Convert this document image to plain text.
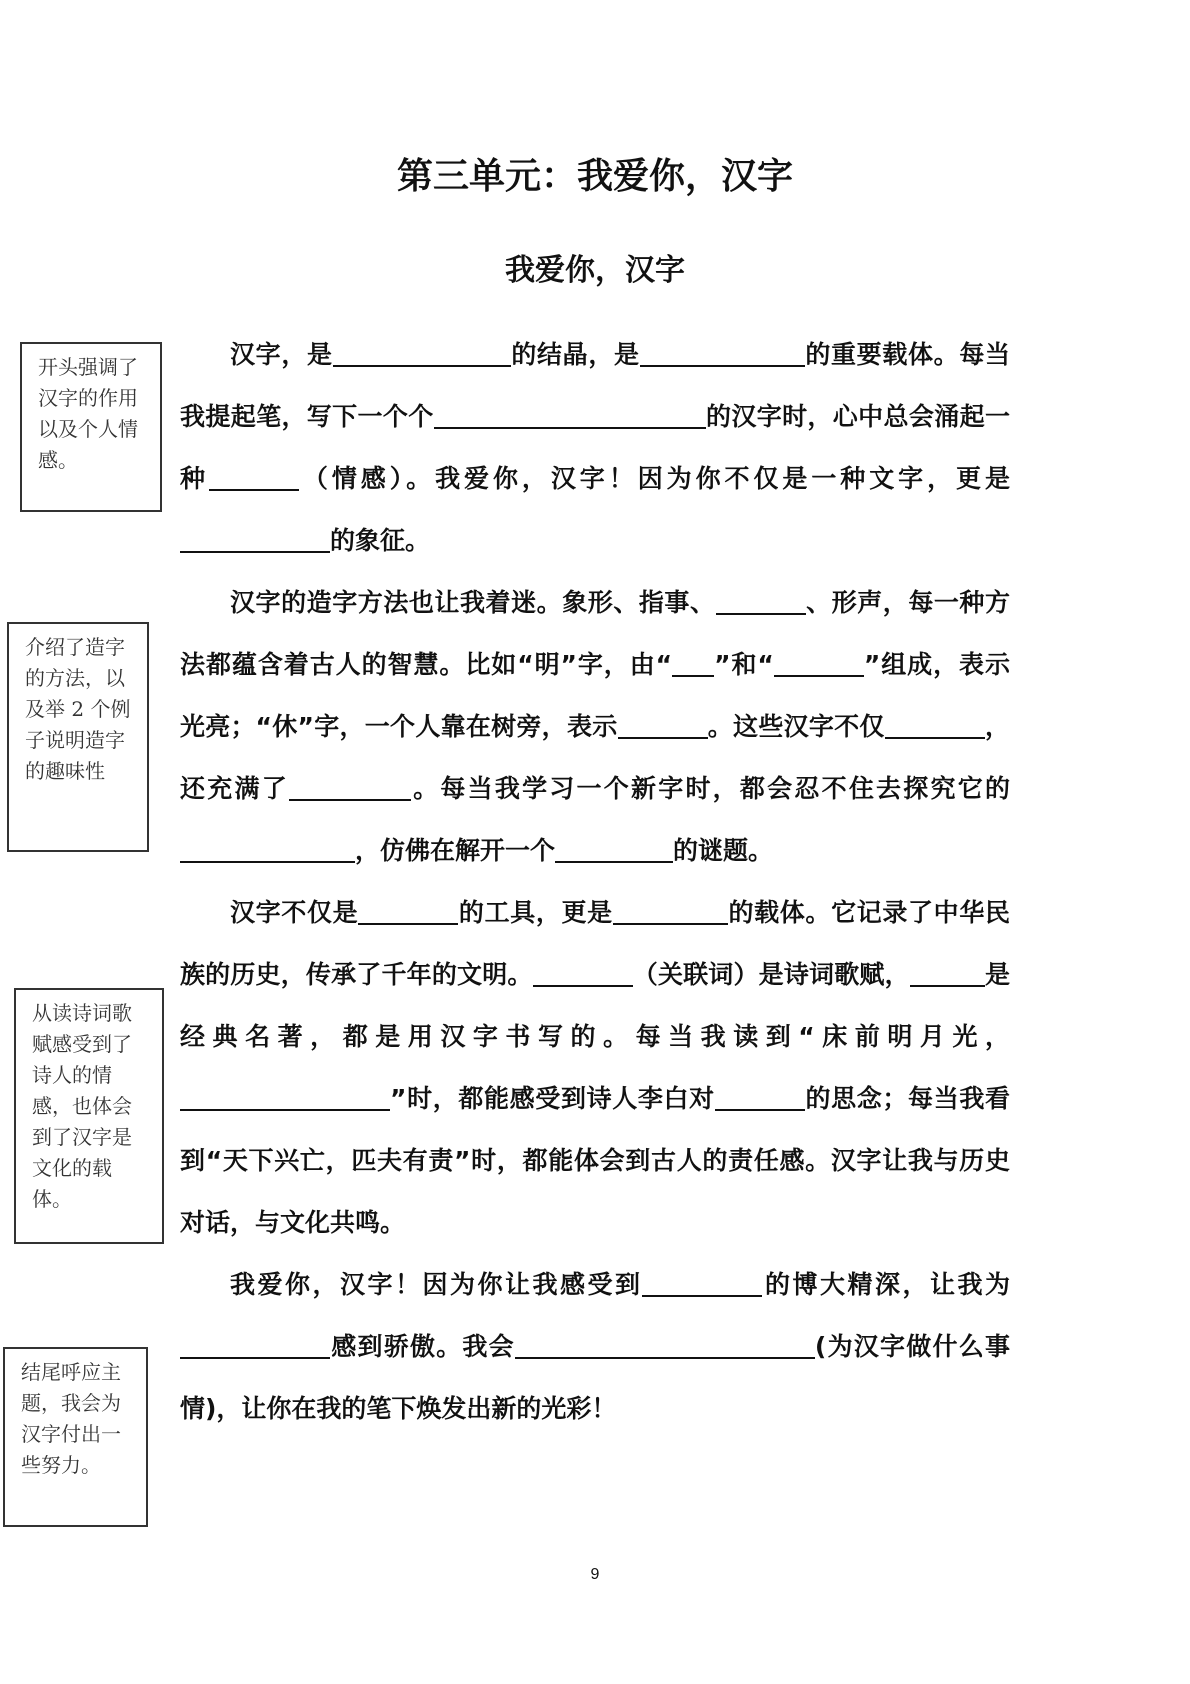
第三单元：我爱你，汉字
我爱你，汉字
开头强调了汉字的作用以及个人情感。
介绍了造字的方法，以及举 2 个例子说明造字的趣味性
从读诗词歌赋感受到了诗人的情感，也体会到了汉字是文化的载体。
结尾呼应主题，我会为汉字付出一些努力。

汉字，是	的结晶，是	的重要载体。每当我提起笔，写下一个个	的汉字时，心中总会涌起一种	（情感）。我爱你，汉字！因为你不仅是一种文字，更是的象征。

汉字的造字方法也让我着迷。象形、指事、	、形声，每一种方法都蕴含着古人的智慧。比如“明”字，由“ ”和“	”组成，表示光亮；“休”字，一个人靠在树旁，表示	。这些汉字不仅	，还充满了	。每当我学习一个新字时，都会忍不住去探究它的，仿佛在解开一个	的谜题。

汉字不仅是	的工具，更是	的载体。它记录了中华民族的历史，传承了千年的文明。	（关联词）是诗词歌赋，	是经典名著，都是用汉字书写的。每当我读到“床前明月光，”时，都能感受到诗人李白对	的思念；每当我看到“天下兴亡，匹夫有责”时，都能体会到古人的责任感。汉字让我与历史对话，与文化共鸣。

我爱你，汉字！因为你让我感受到	的博大精深，让我为感到骄傲。我会	(为汉字做什么事情)，让你在我的笔下焕发出新的光彩！

9
